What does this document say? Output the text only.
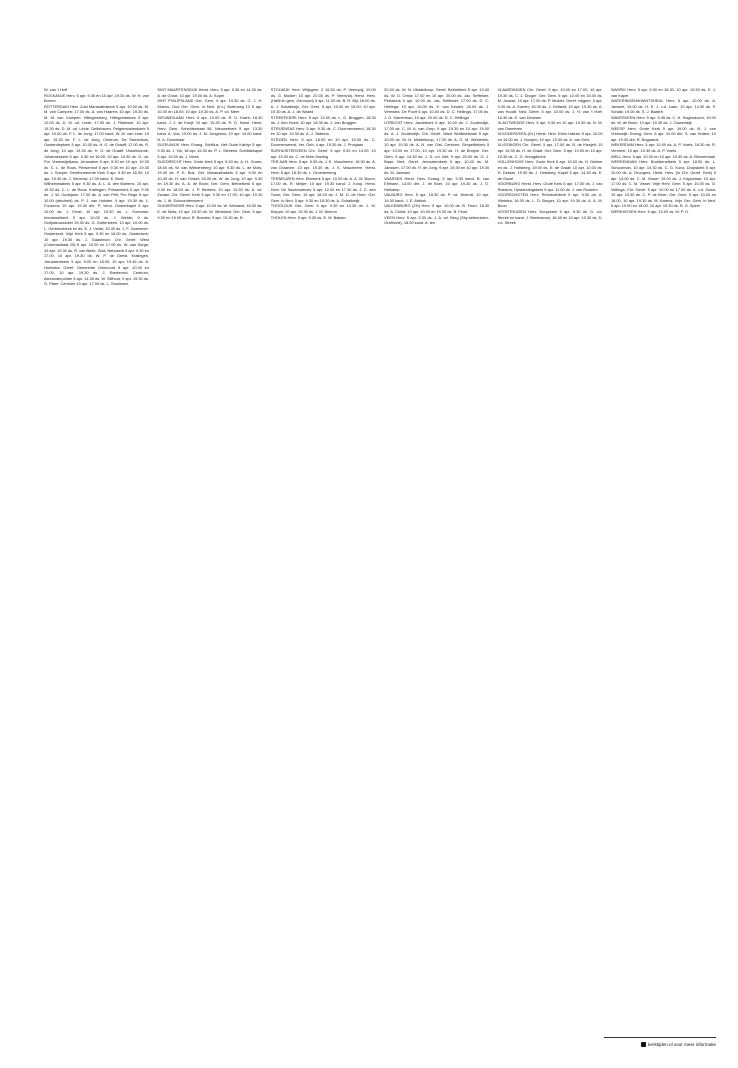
W. van 't Hoff

ROCKANJE Herv. 5 apr. 9.45 en 10 apr. 19.30 ds. W. H. van Borren

ROTTERDAM Herv. Zuid Maranathakerk 5 apr. 10.00 ds. M. M. van Campen; 17.00 ds. A. van Haaren; 10 apr. 19.30 ds. M. M. van Campen. Hillegersberg, Hillegondakerk 5 apr. 10.00 ds. D. M. ud. Linde; 17.00 ds. J. Fikkewer, 10 apr. 19.30 ds. D. M. ud. Linde. Delfshaven, Pelgrimvaderskerk 5 apr. 10.00 ds. F. L. de Jong; 17.00 kand. W. M. van Lear; 10 apr. 19.30 ds. F. L. de Jong. Centrum, De Sarranhuis, Oosterdiepkerk 5 apr. 10.00 ds. H. G. de Graaff; 17.00 ds. R. de Jong; 10 apr. 19.30 ds. H. G. de Graaff. IJsselmonde, Johanneskerk 5 apr. 9.30 en 16.00; 10 apr. 19.30 ds. G. ud. Pol. Vreeswijcklaan, Jeruzalem 5 apr. 9.30 en 10 apr. 19.30 ds. C. L. de Roos. Prinsenhof 5 apr. 9.30 en 10 apr. 19.30 ds. J. Soeper. Gereformeerde Kerk 5 apr. 9.30 en 16.30; 10 apr. 19.30 ds. J. Venema; 17.00 kand. E. Bunt.

Wilhelminakerk 5 apr. 9.30 ds. A. L. A. den Boeiens. 10 apr. 19.30 ds. C. L. de Roos. Kralingen, Prinsenkerk 5 apr. 9.30 ds. J. W. Oudejans. 17.00 ds. A. van Pelt, Pro Rege 5 apr. 10.00 (afscheid) ds. P. J. van Holsten. 9 apr. 19.30 ds. L. Fonseca; 10 apr. 19.30 dhr. P. Venn. Oosterkapel 5 apr. 10.00 ds. J. Ernst; 10 apr. 19.30 ds. L. Korevaar. Immanuelkerk 5 apr. 10.00 ds. J. Welde; 9 ds. Greijdanussinkel 19.30 ds. G. Gottenbeek. 10 apr. 10.00 ds. L. Gerbensbeek en ds. E. J. Velde; 19.30 ds. J. F. Zwemmer.

Oosterkerk, Vrije Kerk 5 apr. 9.30 en 16.00 ds. Oosterkerk; 10 apr. 19.30 ds. J. Gaastman. Chr. Geref. West (Cobensstraat 25) 5 apr. 10.00 en 17.00 ds. W. van Sorge; 10 apr. 19.30 ds. R. van Beek. Zuid, Nebokerk 5 apr. 9.30 en 17.00, 10 apr. 19.30 ds. W. P. de Geest. Kralingen, Jeruzalemkerk 5 apr. 9.00 en 18.00; 10 apr. 19.45 ds. A. Hoekstra. Geref. Gemeente Ommoord 5 apr. 10.00 en 17.00, 10 apr. 19.30 ds. J. Bredeveld. Centrum, Alexanderpolder 5 apr. 14.30 ds. W. Silfhout, 9 apr. 19.30 ds. G. Pater. Centrum 10 apr. 17.00 ds. L. Teunissen.

SINT MAARTENSDIJK Herst. Herv. 5 apr. 9.30 en 14.30 ds. A. de Groot; 10 apr. 19.00 ds. A. Kopel

SINT PHILIPSLAND Ger. Gem. 9 apr. 19.30 ds. G. J. H. Moens; Oud Ger. Gem. in Ned. (b.v.) Boterweg 13 5 apr. 10.00 en 18.00; 10 apr. 19.30 ds. A. P. vd. Meer

SIRJANSLAND Herv. 5 apr. 10.00 ds. R. D. Kwint; 18.30 kand. J. J. de Kruijf; 10 apr. 19.30 ds. R. D. Kwint. Herst. Herv. Gem. Scheldestraat 56, Nieuwerkerk 5 apr. 13.30 kand. A. Vos, 19.00 ds. J. M. Jongerius; 10 apr. 19.00 kand. N. A. Donselaar

SLEEUWIJK Herv. Evang. Schiflus, Het Oude Karbyr 5 apr. 9.30 ds. J. Vis; 18 apr. 19.30 ds. P. L. Slebeek. Schiltdekapel 5 apr. 10.00 ds. J. Moss

SLIEDRECHT Herv. Grote Kerk 5 apr. 9.30 ds. A. H. Groen; 18.00 ds. W. van Wieldenberg; 10 apr. 9.30 ds. L. de Mots, 19.30 ds. P. E. Bos. Ger. Maranathakerk 5 apr. 9.00 en 10.45 ds. H. van Ginkel; 18.00 ds. W. de Jong; 10 apr. 9.30 en 19.30 ds. A. A. de Bruin; Ger. Gem. Bethelkerk 5 apr. 9.30 en 18.00 ds. J. P. Berkers; 10 apr. 19.30 ds. A. vd. Zwaan. Chr. Geref. Kerk 5 apr. 9.30 en 17.00; 10 apr. 19.30 ds. J. W. Schoonderwoerd

SLIKKERVEER Herv. 5 apr. 10.00 ds. W. Wesland, 16.00 ds. E. de Mots; 10 apr. 19.30 ds. W. Westland. Ger. Gem. 5 apr. 9.30 en 15.00 stud. R. Boedes; 9 apr. 19.30 ds. B.

STOLWIJK Herv. Wiljsgem. 2 16.30 ds. P. Veenyoij, 19.00 ds. G. Molder; 10 apr. 20.00 ds. P. Veenvoij. Herst. Herv. (Hallil lin gem. Gervoord) 5 apr. 11.00 ds. B. R. Bijl, 16.00 ds. A. J. Schalkwijk, Ger. Gem. 5 apr. 10.00 en 15.00; 10 apr. 19.30 ds. A. J. de Waard

STREEFKERK Herv. 5 apr. 10.00 ds. L. G. Bruggen; 18.30 ds. J. den Hoed; 10 apr. 18.30 ds. J. van Bruggen

STRIJENSAS Herv. 5 apr. 9.30 ds. C. Doornenweerd, 18.30 en 10 apr. 19.30 ds. A. J. Tadema

STRIJEN Herv. 5 apr. 18.00 en 10 apr. 19.30 ds. C. Doornenweerd. Ver. Geb. 4 apr. 19.30 ds. J. Prosjaan

SURHUISTERVEEN Chr. Geref. 5 apr. 9.30 en 14.00; 10 apr. 19.30 ds. C. de Klein Hartlog

TER AAR Herv. 5 apr. 9.30 ds. J. K. Visscheere, 18.30 ds. A. van Draanen; 10 apr. 19.30 ds. J. K. Visscheere. Herst. Herv. 5 apr. 18.30 ds. L. Groenenberg

TERNEUZEN Herv. Elimkerk 5 apr. 10.00 ds. A. A. W. Boom, 17.00 ds. R. Meijer; 10 apr. 19.30 kand. J. Koop. Herst. Herv. De Savannahoev 5 apr. 12.00 en 17.30 ds. J. C. den Toom; Ger. Gem. 10 apr. 16.00 ds. J. M. D. de Heer; Ger. Gem. in Ned. 5 apr. 9.30 en 18.30 ds. A. Schalkwijk

THOOLDIJK Ger. Gem. 5 apr. 9.30 en 14.30 ds. J. M. Kleppe; 10 apr. 19.30 ds. J. M. Weenn

THOLEN Herv. 5 apr. 9.30 ds. E. M. Bakker,

20.00 ds. W. N. Middelkoop. Geref. Bethelkerk 5 apr. 10.00 ds. W. D. Ornia; 17.00 en 10 apr. 20.00 ds. Jac. Seffelaer, Petrakerk 5 apr. 10.00 ds. Jac. Seffelaer, 17.00 ds. D. C. Hellinga, 10 apr. 10.00 ds. K. van Keulen, 20.00 ds. J. Veenstra. De Poort 5 apr. 10.00 ds. D. C. Hellinga, 17.00 ds. J. G. Kamerman, 10 apr. 20.00 ds. D. C. Hellinga

UTRECHT Herv. Jacobikerk 5 apr. 10.00 ds. J. Zoutendijk, 17.00 ds. C. M. A. van Gorp, 9 apr. 19.30 en 10 apr. 19.00 ds. A. J. Zoutendijk; Chr. Geref. Ward Wolfsbelkade 5 apr. 10.00 ds. W. N. Middelkoop, 17.00 ds. A. G. M. Westerink; 10 apr. 19.30 ds. A. N. van Olst, Centrum, Simpeltlekerk 5 apr. 10.00 en 17.00, 10 apr. 19.30 ds. H. de Bruijne. Ger. Gem. 5 apr. 14.30 ds. J. S. v.d. Net; 9 apr. 20.00 ds. G. J. Baan. Ned. Geref. Jeruzalemkerk 5 apr. 10.00 ds. M. Janssen, 17.00 ds. H. de Jong, 9 apr. 19.30 en 10 apr. 19.30 ds. M. Janssen

VAASSEN Herst. Herv. Evang. 5 apr. 9.30 kand. B. van Eltmann, 14.00 dhr. J. de Boer, 10 apr. 19.30 ds. J. D. Heikamp

VALBURG Herv. 5 apr. 18.30 ds. P. vd. Woerdt, 10 apr. 19.30 kand. J. E. Abbink

VALKENBURG (ZH) Herv. 5 apr. 10.00 ds. B. Feurt, 18.30 ds. A. Christ; 10 apr. 10.00 en 19.30 ds. B. Feurt

VEEN Herv. 5 apr. 9.30 ds. J. A. vd. Berg (Sky-selenuiden-Grafhorst), 18.00 kand. A. ten

VLAARDINGEN Chr. Geref. 5 apr. 10.00 en 17.00, 10 apr. 19.30 ds. C. J. Droger. Ger. Gem. 5 apr. 10.00 en 15.00 ds. M. Joosse; 10 apr. 17.00 ds. P. Mulder. Geref. vrijgem. 5 apr. 9.30 ds. A. Kamer; 16.30 ds. J. Hofland; 10 apr. 19.30 ds. A. van Houdt. Ned. Geref. 5 apr. 10.00 ds. J. H. van 't Hoff; 16.30 ds. E. van Deursen

VLAGTWEDDE Herv. 5 apr. 9.30 en 10 apr. 19.30 ds. N. M. van Ommeren

VLEDDERVEEN (Dr.) Herst. Herv. Eben Haëzer 5 apr. 10.00 en 19.00 ds. J. Nooijen; 10 apr. 19.30 ds. A. van Kerk

VLISSINGEN Chr. Geref. 5 apr. 17.00 ds. B. de Kiesjelt; 10 apr. 19.30 ds. H. de Graaf. Ger. Gem. 5 apr. 10.00 en 10 apr. 19.30 ds. C. G. Vreugdenhil

VOLLENHOVE Herv. Grote Kerk 5 apr. 10.00 ds. H. Dekker en ds. J. Hofsteeg, 19.00 ds. E. de Graaf; 10 apr. 10.00 ds. H. Dekker, 19.30 ds. J. Hofsteeg. Kapel 5 apr. 14.30 ds. E. de Graaf

VOORBURG Herst. Herv. Oude Kerk 5 apr. 17.00 ds. J. van Rossem, Opstandingskerk 5 apr. 11.00 ds. J. van Rossem

VOORSCHOTEN Herv. Rehobothkerk 5 apr. 9.30 ds. A. Vlietstra, 16.30 ds. L. D. Burger, 10 apr. 19.30 ds. A. A. M. Boon

VOORTHUIZEN Herv. Dorpskerk 5 apr. 9.30 ds. D. v.d. Streek en kand. J. Breeksman, 18.45 en 10 apr. 19.30 ds. D. v.d. Streek

WASPIK Herv. 5 apr. 9.30 en 18.30, 10 apr. 19.30 ds. E. J. van Kapel

WATERINGEN/KWINTSHEUL Herv. 5 apr. 10.00 ds. A. Jansleit, 19.00 ds. H. E. J. v.d. Laan, 10 apr. 14.30 ds. P. Schalk; 19.00 ds. S. J. Baaleh

WAVERVEEN Herv. 5 apr. 9.45 ds. C. H. Hogendoorn, 19.00 ds. W. de Bruin, 10 apr. 19.30 ds. J. Ouwendijk

WEESP Herv. Grote Kerk 5 apr. 19.00 ds. B. J. van Vreeswijk. Evang. Gem. 5 apr. 10.00 dhr. S. van Hutten; 10 apr. 19.30 dhr. R. Bogaards

WEKERDAM Herv. 5 apr. 10.00 ds. A. P. Voets, 18.30 ds. R. Vermeer, 10 apr. 19.30 ds. A. P. Voets

WELL Herv. 5 apr. 10.00 en 10 apr. 19.30 ds. A. Blomendaal

WERKENDAM Herv. Bruldernetkerk 5 apr. 18.00 ds. L. Schuurman, 10 apr. 19.30 ds. C. G. Kunz, Dorpskerk 5 apr. 10.00 ds. A. Droogers. Herst. Herv. (in Chr. Geref. Kerk) 5 apr. 14.00 ds. C. M. Visser, 19.00 ds. J. Koppelaar; 10 apr. 17.00 ds. C. M. Visser. Vrije Herv. Gem. 5 apr. 10.00 ds. G. Vellinga; Chr. Geref. 5 apr. 10.00 en 17.00 ds. A. v.d. Zwan, 10 apr. 19.30 ds. C. P. de Boer; Ger. Gem. 5 apr. 10.00 en 16.00, 10 apr. 19.30 ds. M. Karens, Vrije Ger. Gem. in Ned. 5 apr. 10.00 en 18.00, 10 apr. 19.30 ds. B. G. Speel

WERKHOVEN Herv. 5 apr. 10.00 ds. M. P. D.

kerktijden.nl voor meer informatie
